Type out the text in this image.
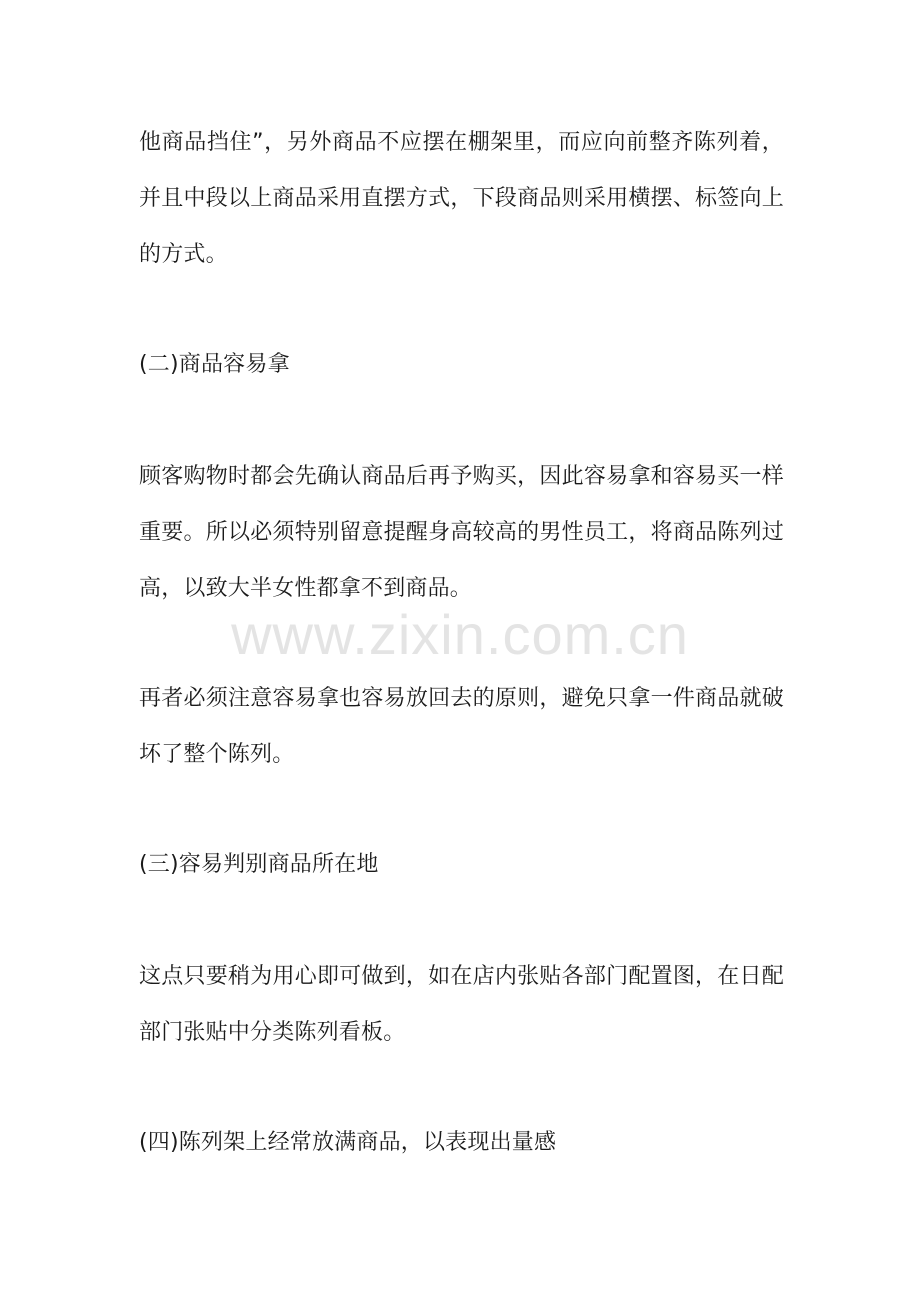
他商品挡住”，另外商品不应摆在棚架里，而应向前整齐陈列着，并且中段以上商品采用直摆方式，下段商品则采用横摆、标签向上的方式。

(二)商品容易拿

顾客购物时都会先确认商品后再予购买，因此容易拿和容易买一样重要。所以必须特别留意提醒身高较高的男性员工，将商品陈列过高，以致大半女性都拿不到商品。

再者必须注意容易拿也容易放回去的原则，避免只拿一件商品就破坏了整个陈列。

(三)容易判别商品所在地

这点只要稍为用心即可做到，如在店内张贴各部门配置图，在日配部门张贴中分类陈列看板。

(四)陈列架上经常放满商品，以表现出量感

www.zixin.com.cn
